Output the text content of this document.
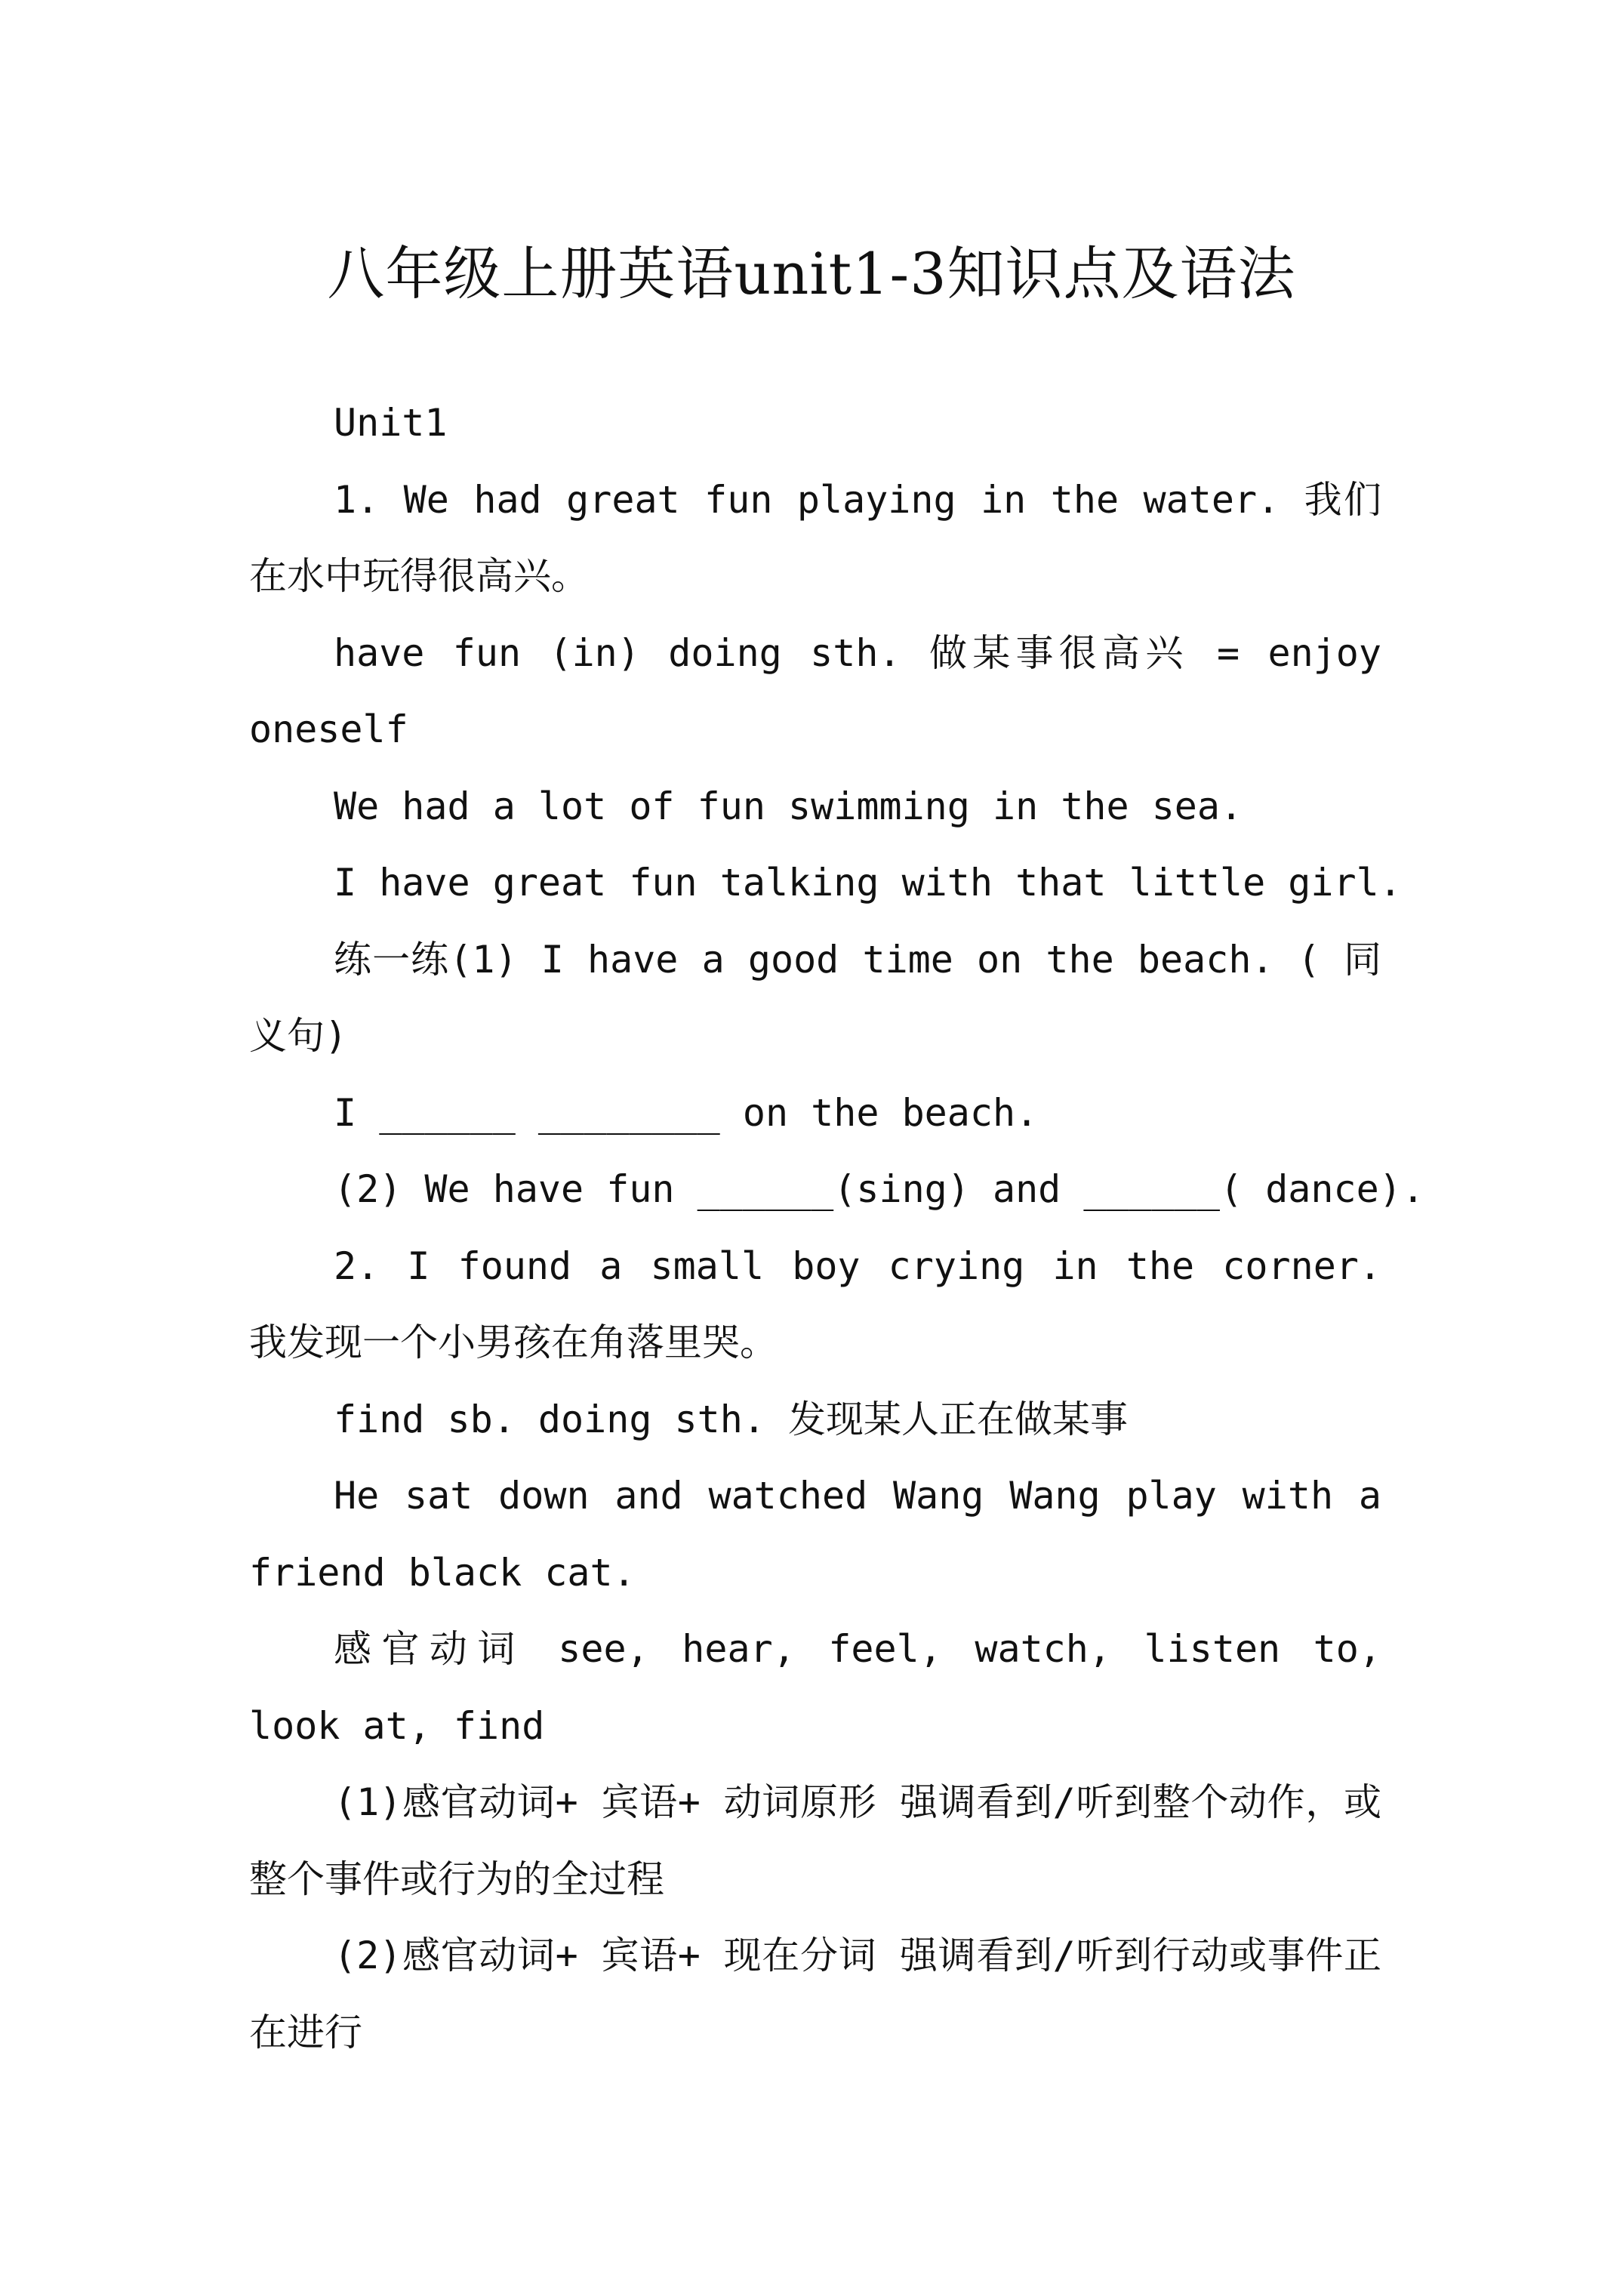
八年级上册英语unit1-3知识点及语法

Unit1

1. We had great fun playing in the water. 我们在水中玩得很高兴。

have fun (in) doing sth. 做某事很高兴 = enjoy oneself

We had a lot of fun swimming in the sea.

I have great fun talking with that little girl.

练一练(1) I have a good time on the beach. ( 同义句)

I ______ ________ on the beach.

(2) We have fun ______(sing) and ______( dance).

2. I found a small boy crying in the corner. 我发现一个小男孩在角落里哭。

find sb. doing sth. 发现某人正在做某事

He sat down and watched Wang Wang play with a friend black cat.

感官动词 see, hear, feel, watch, listen to, look at, find

(1)感官动词+ 宾语+ 动词原形 强调看到/听到整个动作，或整个事件或行为的全过程

(2)感官动词+ 宾语+ 现在分词 强调看到/听到行动或事件正在进行
